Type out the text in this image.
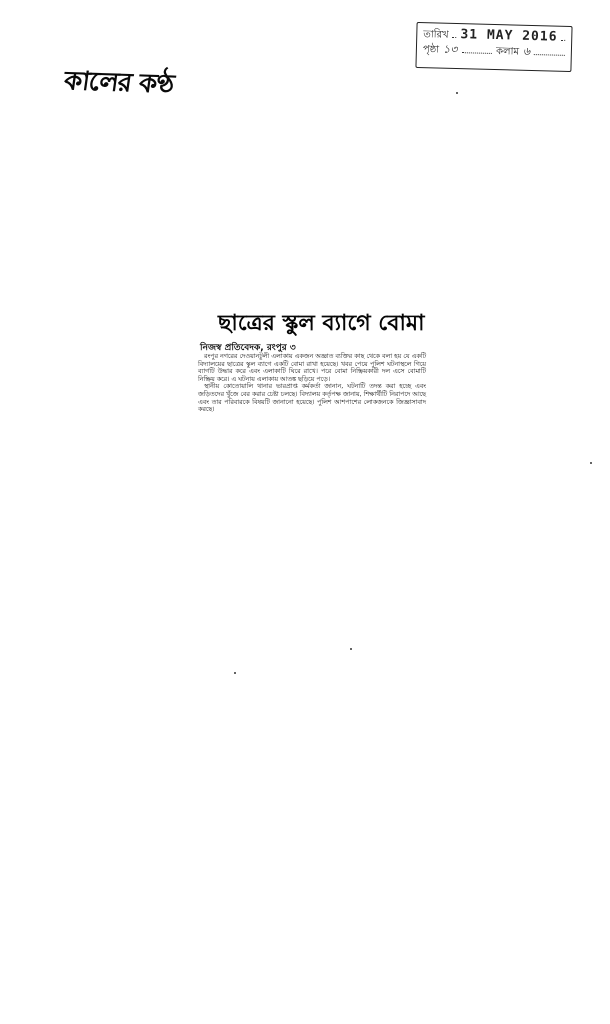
কালের কণ্ঠ
তারিখ 31 MAY 2016
পৃষ্ঠা ১৩	কলাম ৬
ছাত্রের স্কুল ব্যাগে বোমা
নিজস্ব প্রতিবেদক, রংপুর ৩

রংপুর নগরের দেওয়ানটুলী এলাকায় একজন অজ্ঞাত ব্যক্তির কাছ থেকে বলা হয় যে একটি বিদ্যালয়ের ছাত্রের স্কুল ব্যাগে একটি বোমা রাখা হয়েছে। খবর পেয়ে পুলিশ ঘটনাস্থলে গিয়ে ব্যাগটি উদ্ধার করে এবং এলাকাটি ঘিরে রাখে। পরে বোমা নিষ্ক্রিয়কারী দল এসে বোমাটি নিষ্ক্রিয় করে। এ ঘটনায় এলাকায় আতঙ্ক ছড়িয়ে পড়ে।

স্থানীয় কোতোয়ালি থানার ভারপ্রাপ্ত কর্মকর্তা জানান, ঘটনাটি তদন্ত করা হচ্ছে এবং জড়িতদের খুঁজে বের করার চেষ্টা চলছে। বিদ্যালয় কর্তৃপক্ষ জানায়, শিক্ষার্থীটি নিরাপদে আছে এবং তার পরিবারকে বিষয়টি জানানো হয়েছে। পুলিশ আশপাশের লোকজনকে জিজ্ঞাসাবাদ করছে।
